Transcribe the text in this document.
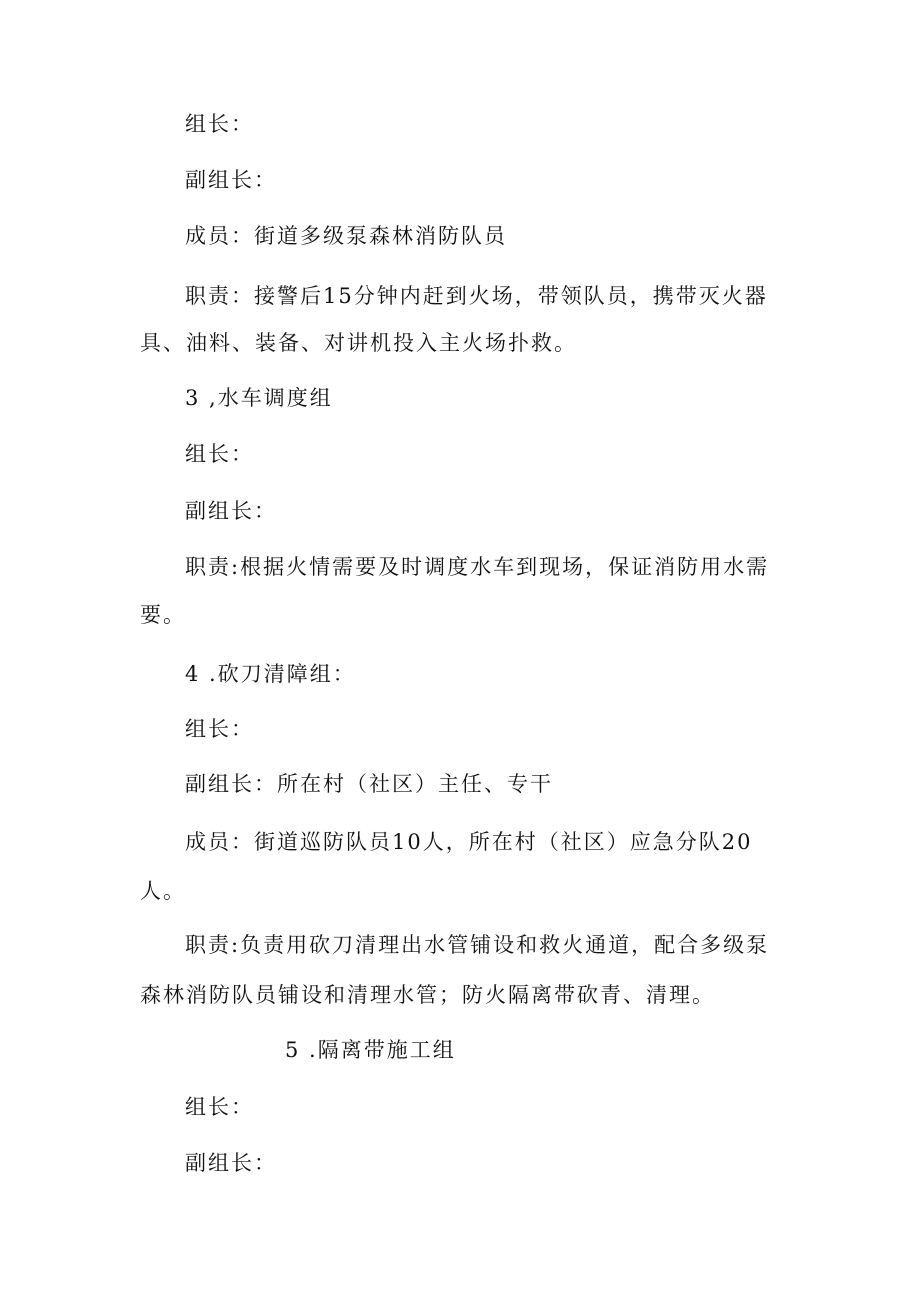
组长：
副组长：
成员：街道多级泵森林消防队员
职责：接警后15分钟内赶到火场，带领队员，携带灭火器
具、油料、装备、对讲机投入主火场扑救。
3 ,水车调度组
组长：
副组长：
职责:根据火情需要及时调度水车到现场，保证消防用水需
要。
4 .砍刀清障组：
组长：
副组长：所在村（社区）主任、专干
成员：街道巡防队员10人，所在村（社区）应急分队20
人。
职责:负责用砍刀清理出水管铺设和救火通道，配合多级泵
森林消防队员铺设和清理水管；防火隔离带砍青、清理。
5 .隔离带施工组
组长：
副组长：
